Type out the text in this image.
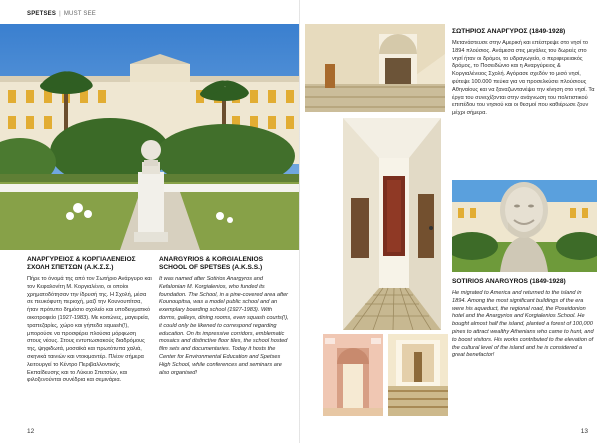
SPETSES | MUST SEE
ΑΝΑΡΓΥΡΕΙΟΣ & ΚΟΡΓΙΑΛΕΝΕΙΟΣ ΣΧΟΛΗ ΣΠΕΤΣΩΝ (Α.Κ.Σ.Σ.)

Πήρε το όνομά της από τον Σωτήριο Ανάργυρο και τον Κεφαλονίτη Μ. Κοργιαλένιο, οι οποίοι χρηματοδότησαν την ίδρυσή της. Η Σχολή, μέσα σε πευκόφυτη περιοχή, μαζί την Κουνουπίτσα, ήταν πρότυπο δημόσιο σχολείο και υποδειγματικό οικοτροφείο (1927-1983). Με κοιτώνες, μαγειρεία, τραπεζαρίες, χώρο και γήπεδα squash(!), μπορούσε να προσφέρει πλούσια μόρφωση στους νέους. Στους εντυπωσιακούς διαδρόμους της, ψηφιδωτά, μοσαϊκά και πρωτότυπα χαλιά, σκηνικά ταινιών και ντοκιμαντέρ. Πλέον σήμερα λειτουργεί το Κέντρο Περιβαλλοντικής Εκπαίδευσης και το Λύκειο Σπετσών, και φιλοξενούνται συνέδρια και σεμινάρια.

ANARGYRIOS & KORGIALENIOS SCHOOL OF SPETSES (A.K.S.S.)

It was named after Sotirios Anargyros and Kefalonian M. Korgialenios, who funded its foundation. The School, in a pine-covered area after Kounoupitsa, was a model public school and an exemplary boarding school (1927-1983). With dorms, galleys, dining rooms, even squash courts(!), it could only be likened to correspond regarding education. On its impressive corridors, emblematic mosaics and distinctive floor tiles, the school hosted film sets and documentaries. Today it hosts the Center for Environmental Education and Spetses High School, while conferences and seminars are also organised!

12
ΣΩΤΗΡΙΟΣ ΑΝΑΡΓΥΡΟΣ (1849-1928)

Μετανάστευσε στην Αμερική και επέστρεψε στο νησί το 1894 πλούσιος. Ανάμεσα στις μεγάλες του δωρεές στο νησί ήταν οι δρόμοι, το υδραγωγείο, ο περιφερειακός δρόμος, το Ποσειδώνιο και η Αναργύρειος & Κοργιαλένειος Σχολή. Αγόρασε σχεδόν το μισό νησί, φύτεψε 100.000 πεύκα για να προσελκύσει πλούσιους Αθηναίους και να ξαναζωντανέψει την κίνηση στο νησί. Τα έργα του συνεχίζονται στην ανάγνωση του πολιτιστικού επιπέδου του νησιού και οι θεσμοί που καθιέρωσε ζουν μέχρι σήμερα.

SOTIRIOS ANARGYROS (1849-1928)

He migrated to America and returned to the island in 1894. Among the most significant buildings of the era were his aqueduct, the regional road, the Poseidonion hotel and the Anargyrios and Korgialenios School. He bought almost half the island, planted a forest of 100,000 pines to attract wealthy Athenians who came to hunt, and to boost visitors. His works contributed to the elevation of the cultural level of the island and he is considered a great benefactor!

13
